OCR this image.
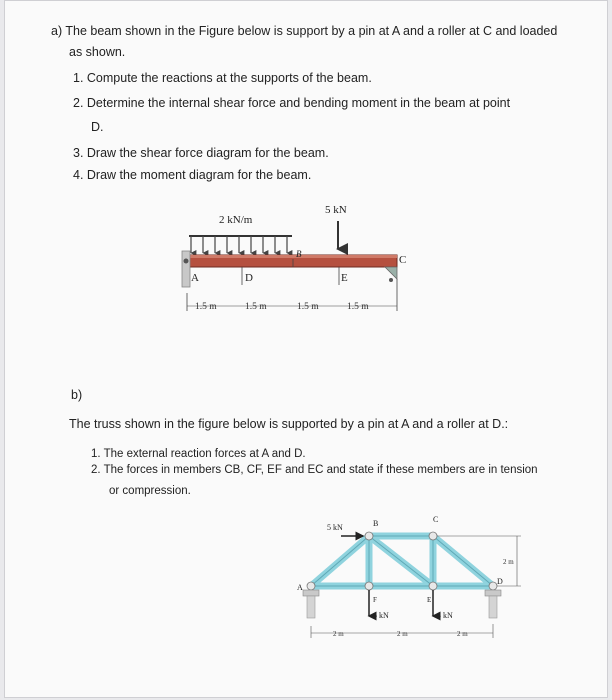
a) The beam shown in the Figure below is support by a pin at A and a roller at C and loaded
as shown.
1. Compute the reactions at the supports of the beam.
2. Determine the internal shear force and bending moment in the beam at point
D.
3. Draw the shear force diagram for the beam.
4. Draw the moment diagram for the beam.
2 kN/m
5 kN
A
B	C
D	E
1.5 m	1.5 m	1.5 m	1.5 m
b)
The truss shown in the figure below is supported by a pin at A and a roller at D.:
1. The external reaction forces at A and D.
2. The forces in members CB, CF, EF and EC and state if these members are in tension
or compression.
A
B	C
D
E
F
5 kN
6 kN	8 kN
2 m
2 m	2 m	2 m
